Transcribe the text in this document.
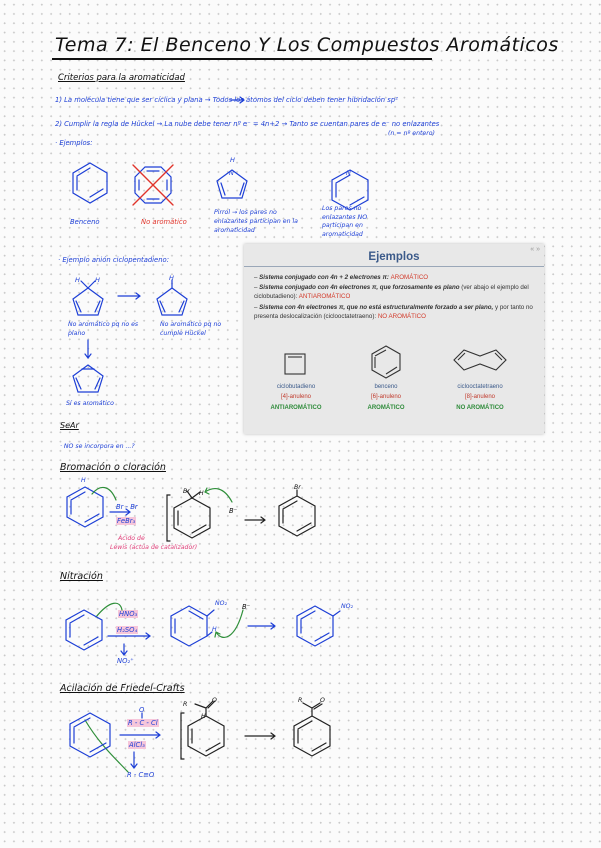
Tema 7: El Benceno Y Los Compuestos Aromáticos
Criterios para la aromaticidad
1) La molécula tiene que ser cíclica y plana → Todos los átomos del ciclo deben tener hibridación sp²
2) Cumplir la regla de Hückel → La nube debe tener nº e⁻ = 4n+2 → Tanto se cuentan pares de e⁻ no enlazantes
(n = nº entero)
· Ejemplos:
Benceno	No aromático
Pirrol → los pares no enlazantes participan en la aromaticidad
Los pares no enlazantes NO participan en aromaticidad
· Ejemplo anión ciclopentadieno:
No aromático pq no es plano
No aromático pq no cumple Hückel
Sí es aromático
SeAr
· NO se incorpora en ...?
Bromación o cloración
Br - Br
FeBr₃
Ácido de
Lewis (actúa de catalizador)
B⁻
H
Br H
Br
Nitración
HNO₃
H₂SO₄
NO₂⁺
B⁻
NO₂
H
NO₂
Acilación de Friedel-Crafts
O
R - C - Cl
AlCl₃
R - C≡O
R
O
H
R	O
N
H
N
H H	H
« »
Ejemplos
– Sistema conjugado con 4n + 2 electrones π: AROMÁTICO
– Sistema conjugado con 4n electrones π, que forzosamente es plano (ver abajo el ejemplo del ciclobutadieno): ANTIAROMÁTICO
– Sistema con 4n electrones π, que no está estructuralmente forzado a ser plano, y por tanto no presenta deslocalización (ciclooctatetraeno): NO AROMÁTICO
ciclobutadieno
[4]-anuleno
ANTIAROMÁTICO
benceno
[6]-anuleno
AROMÁTICO
ciclooctatetraeno
[8]-anuleno
NO AROMÁTICO
